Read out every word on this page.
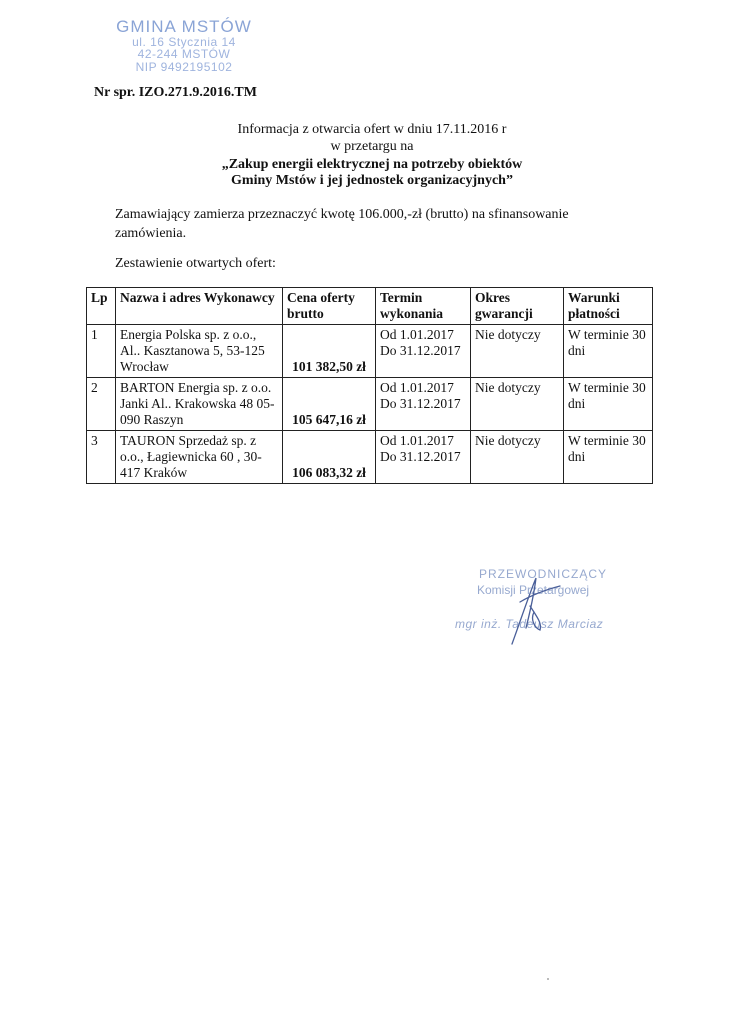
GMINA MSTÓW
ul. 16 Stycznia 14
42-244 MSTÓW
NIP 9492195102
Nr spr. IZO.271.9.2016.TM
Informacja z otwarcia ofert w dniu 17.11.2016 r
w przetargu na
„Zakup energii elektrycznej na potrzeby obiektów
Gminy Mstów i jej jednostek organizacyjnych”
Zamawiający zamierza przeznaczyć kwotę 106.000,-zł (brutto) na sfinansowanie zamówienia.
Zestawienie otwartych ofert:
Lp	Nazwa i adres Wykonawcy	Cena oferty brutto	Termin wykonania	Okres gwarancji	Warunki płatności
1	Energia Polska sp. z o.o., Al.. Kasztanowa 5, 53-125 Wrocław	101 382,50 zł	Od 1.01.2017 Do 31.12.2017	Nie dotyczy	W terminie 30 dni
2	BARTON Energia sp. z o.o. Janki Al.. Krakowska 48 05-090 Raszyn	105 647,16 zł	Od 1.01.2017 Do 31.12.2017	Nie dotyczy	W terminie 30 dni
3	TAURON Sprzedaż sp. z o.o., Łagiewnicka 60 , 30-417 Kraków	106 083,32 zł	Od 1.01.2017 Do 31.12.2017	Nie dotyczy	W terminie 30 dni
PRZEWODNICZĄCY
Komisji Przetargowej
mgr inż. Tadeusz Marciaz
